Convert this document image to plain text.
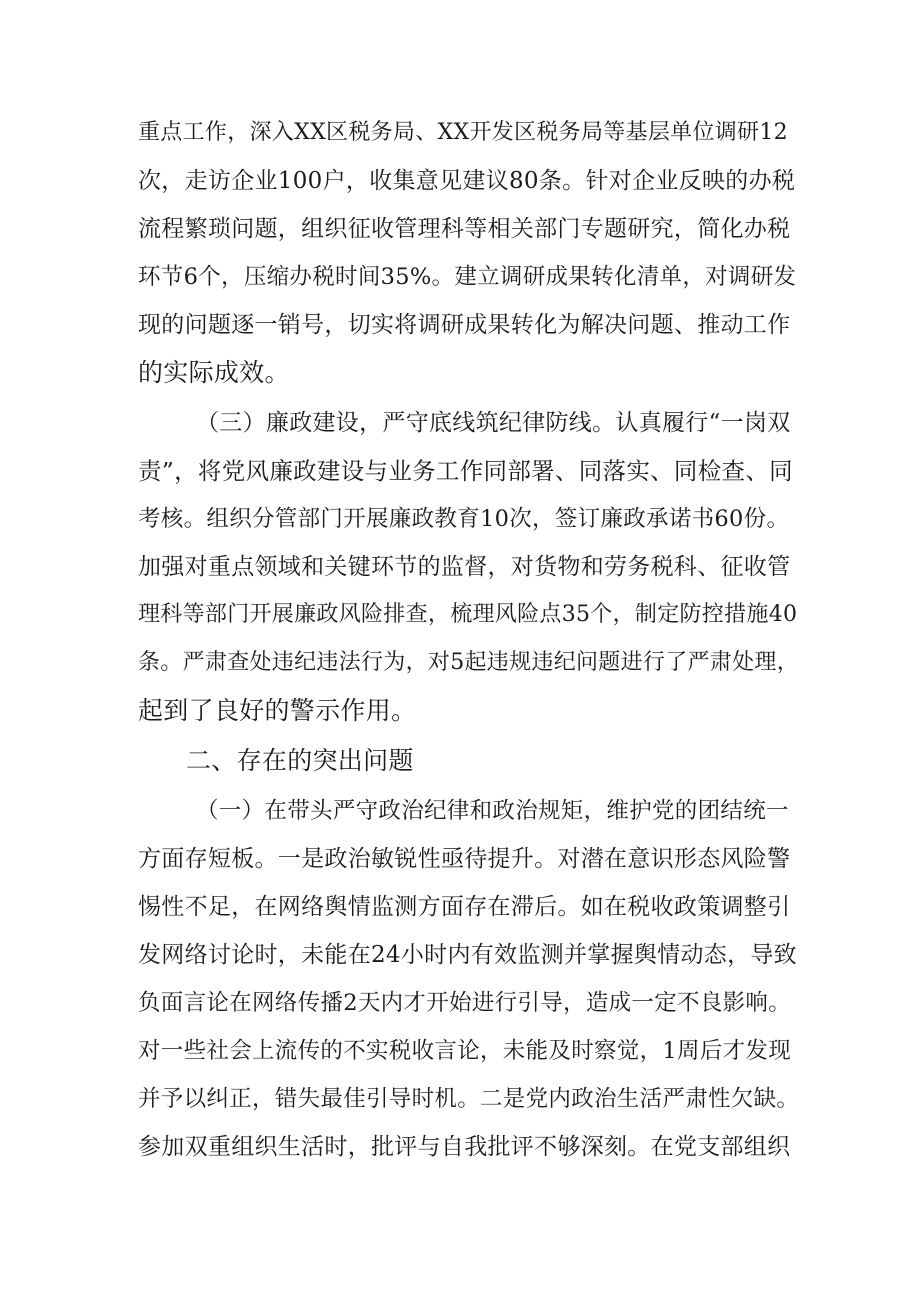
重点工作，深入XX区税务局、XX开发区税务局等基层单位调研12
次，走访企业100户，收集意见建议80条。针对企业反映的办税
流程繁琐问题，组织征收管理科等相关部门专题研究，简化办税
环节6个，压缩办税时间35%。建立调研成果转化清单，对调研发
现的问题逐一销号，切实将调研成果转化为解决问题、推动工作
的实际成效。
（三）廉政建设，严守底线筑纪律防线。认真履行“一岗双
责”，将党风廉政建设与业务工作同部署、同落实、同检查、同
考核。组织分管部门开展廉政教育10次，签订廉政承诺书60份。
加强对重点领域和关键环节的监督，对货物和劳务税科、征收管
理科等部门开展廉政风险排查，梳理风险点35个，制定防控措施40
条。严肃查处违纪违法行为，对5起违规违纪问题进行了严肃处理，
起到了良好的警示作用。
二、存在的突出问题
（一）在带头严守政治纪律和政治规矩，维护党的团结统一
方面存短板。一是政治敏锐性亟待提升。对潜在意识形态风险警
惕性不足，在网络舆情监测方面存在滞后。如在税收政策调整引
发网络讨论时，未能在24小时内有效监测并掌握舆情动态，导致
负面言论在网络传播2天内才开始进行引导，造成一定不良影响。
对一些社会上流传的不实税收言论，未能及时察觉，1周后才发现
并予以纠正，错失最佳引导时机。二是党内政治生活严肃性欠缺。
参加双重组织生活时，批评与自我批评不够深刻。在党支部组织
